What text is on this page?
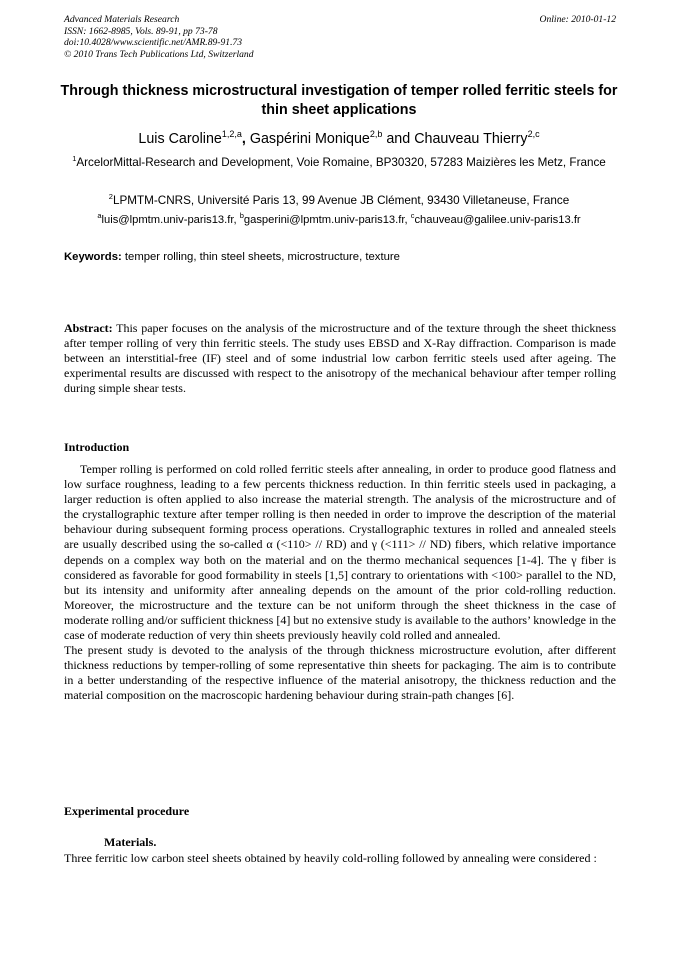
Advanced Materials Research
ISSN: 1662-8985, Vols. 89-91, pp 73-78
doi:10.4028/www.scientific.net/AMR.89-91.73
© 2010 Trans Tech Publications Ltd, Switzerland
Online: 2010-01-12
Through thickness microstructural investigation of temper rolled ferritic steels for thin sheet applications
Luis Caroline$^{1,2,a}$, Gaspérini Monique$^{2,b}$ and Chauveau Thierry$^{2,c}$
$^1$ArcelorMittal-Research and Development, Voie Romaine, BP30320, 57283 Maizières les Metz, France
$^2$LPMTM-CNRS, Université Paris 13, 99 Avenue JB Clément, 93430 Villetaneuse, France
$^a$luis@lpmtm.univ-paris13.fr, $^b$gasperini@lpmtm.univ-paris13.fr, $^c$chauveau@galilee.univ-paris13.fr
Keywords: temper rolling, thin steel sheets, microstructure, texture

Abstract: This paper focuses on the analysis of the microstructure and of the texture through the sheet thickness after temper rolling of very thin ferritic steels. The study uses EBSD and X-Ray diffraction. Comparison is made between an interstitial-free (IF) steel and of some industrial low carbon ferritic steels used after ageing. The experimental results are discussed with respect to the anisotropy of the mechanical behaviour after temper rolling during simple shear tests.

Introduction

Temper rolling is performed on cold rolled ferritic steels after annealing, in order to produce good flatness and low surface roughness, leading to a few percents thickness reduction. In thin ferritic steels used in packaging, a larger reduction is often applied to also increase the material strength. The analysis of the microstructure and of the crystallographic texture after temper rolling is then needed in order to improve the description of the material behaviour during subsequent forming process operations. Crystallographic textures in rolled and annealed steels are usually described using the so-called α (<110> // RD) and γ (<111> // ND) fibers, which relative importance depends on a complex way both on the material and on the thermo mechanical sequences [1-4]. The γ fiber is considered as favorable for good formability in steels [1,5] contrary to orientations with <100> parallel to the ND, but its intensity and uniformity after annealing depends on the amount of the prior cold-rolling reduction. Moreover, the microstructure and the texture can be not uniform through the sheet thickness in the case of moderate rolling and/or sufficient thickness [4] but no extensive study is available to the authors’ knowledge in the case of moderate reduction of very thin sheets previously heavily cold rolled and annealed.

The present study is devoted to the analysis of the through thickness microstructure evolution, after different thickness reductions by temper-rolling of some representative thin sheets for packaging. The aim is to contribute in a better understanding of the respective influence of the material anisotropy, the thickness reduction and the material composition on the macroscopic hardening behaviour during strain-path changes [6].

Experimental procedure
Materials.
Three ferritic low carbon steel sheets obtained by heavily cold-rolling followed by annealing were considered :
